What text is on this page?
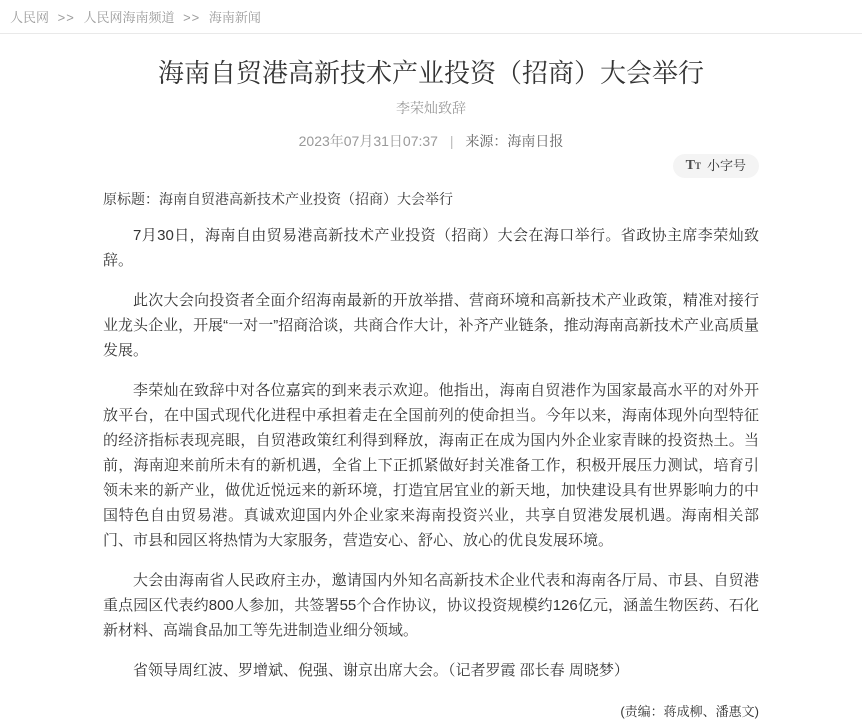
人民网 >> 人民网海南频道 >> 海南新闻
海南自贸港高新技术产业投资（招商）大会举行
李荣灿致辞
2023年07月31日07:37 | 来源：海南日报
T T 小字号

原标题：海南自贸港高新技术产业投资（招商）大会举行

7月30日，海南自由贸易港高新技术产业投资（招商）大会在海口举行。省政协主席李荣灿致辞。

此次大会向投资者全面介绍海南最新的开放举措、营商环境和高新技术产业政策，精准对接行业龙头企业，开展“一对一”招商洽谈，共商合作大计，补齐产业链条，推动海南高新技术产业高质量发展。

李荣灿在致辞中对各位嘉宾的到来表示欢迎。他指出，海南自贸港作为国家最高水平的对外开放平台，在中国式现代化进程中承担着走在全国前列的使命担当。今年以来，海南体现外向型特征的经济指标表现亮眼，自贸港政策红利得到释放，海南正在成为国内外企业家青睐的投资热土。当前，海南迎来前所未有的新机遇，全省上下正抓紧做好封关准备工作，积极开展压力测试，培育引领未来的新产业，做优近悦远来的新环境，打造宜居宜业的新天地，加快建设具有世界影响力的中国特色自由贸易港。真诚欢迎国内外企业家来海南投资兴业，共享自贸港发展机遇。海南相关部门、市县和园区将热情为大家服务，营造安心、舒心、放心的优良发展环境。

大会由海南省人民政府主办，邀请国内外知名高新技术企业代表和海南各厅局、市县、自贸港重点园区代表约800人参加，共签署55个合作协议，协议投资规模约126亿元，涵盖生物医药、石化新材料、高端食品加工等先进制造业细分领域。

省领导周红波、罗增斌、倪强、谢京出席大会。（记者罗霞 邵长春 周晓梦）

(责编：蒋成柳、潘惠文)
